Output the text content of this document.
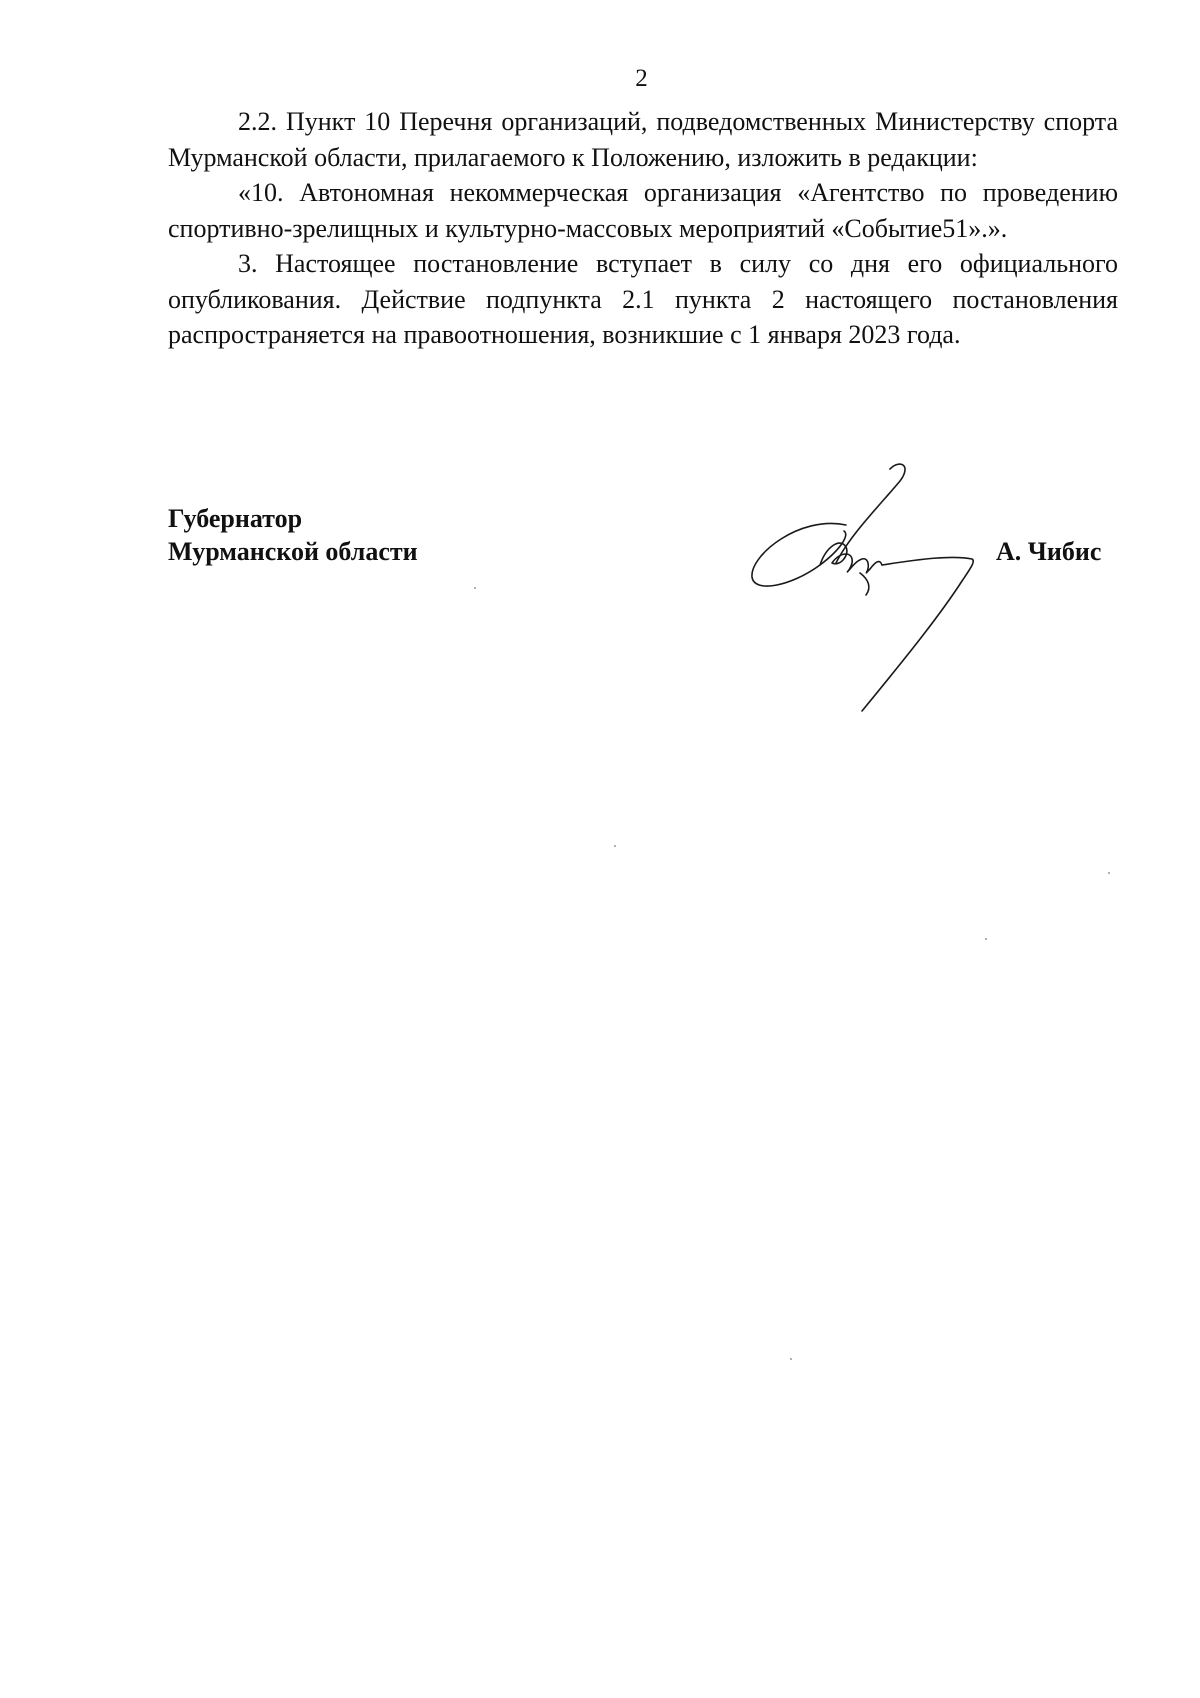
2

2.2. Пункт 10 Перечня организаций, подведомственных Министерству спорта Мурманской области, прилагаемого к Положению, изложить в редакции:

«10. Автономная некоммерческая организация «Агентство по проведению спортивно-зрелищных и культурно-массовых мероприятий «Событие51».».

3. Настоящее постановление вступает в силу со дня его официального опубликования. Действие подпункта 2.1 пункта 2 настоящего постановления распространяется на правоотношения, возникшие с 1 января 2023 года.

Губернатор
Мурманской области	А. Чибис
